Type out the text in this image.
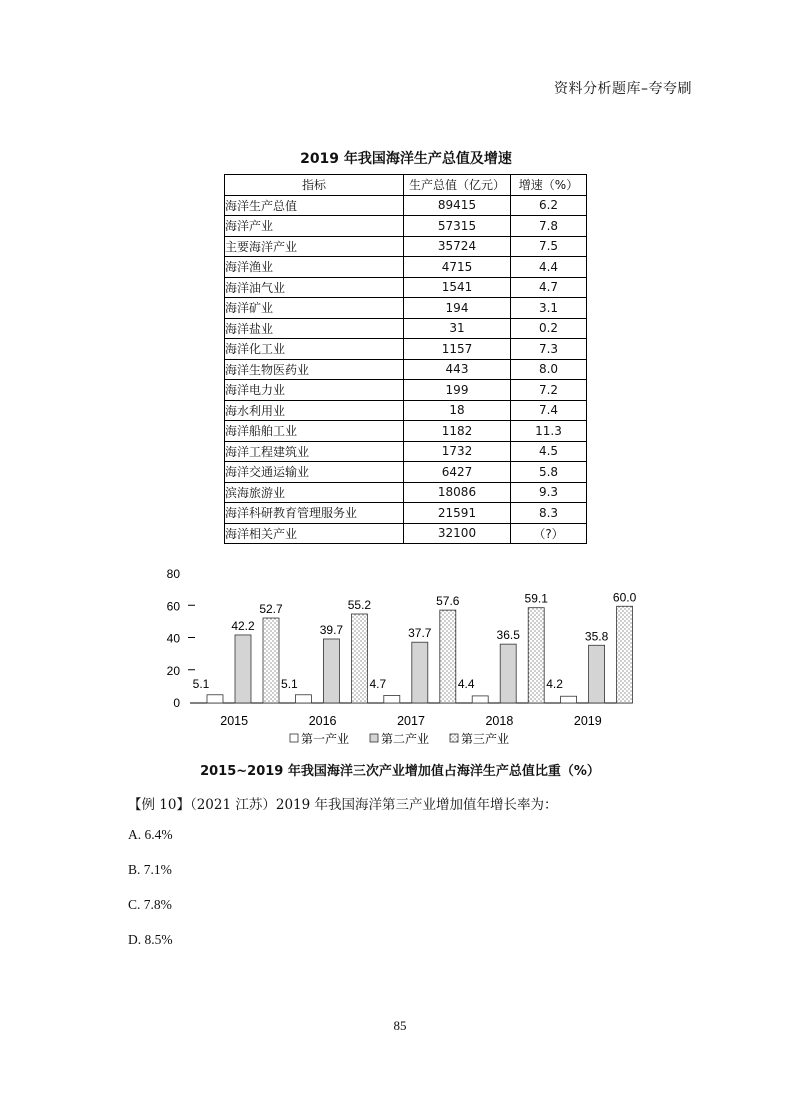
资料分析题库–夸夸刷
2019 年我国海洋生产总值及增速
指标	生产总值（亿元）	增速（%）
海洋生产总值	89415	6.2
海洋产业	57315	7.8
主要海洋产业	35724	7.5
海洋渔业	4715	4.4
海洋油气业	1541	4.7
海洋矿业	194	3.1
海洋盐业	31	0.2
海洋化工业	1157	7.3
海洋生物医药业	443	8.0
海洋电力业	199	7.2
海水利用业	18	7.4
海洋船舶工业	1182	11.3
海洋工程建筑业	1732	4.5
海洋交通运输业	6427	5.8
滨海旅游业	18086	9.3
海洋科研教育管理服务业	21591	8.3
海洋相关产业	32100	（?）
0
20
40
60
80
5.1
42.2
52.7
2015
5.1
39.7
55.2
2016
4.7
37.7
57.6
2017
4.4
36.5
59.1
2018
4.2
35.8
60.0
2019
第一产业	第二产业	第三产业
2015~2019 年我国海洋三次产业增加值占海洋生产总值比重（%）
【例 10】（2021 江苏）2019 年我国海洋第三产业增加值年增长率为：
A. 6.4%
B. 7.1%
C. 7.8%
D. 8.5%
85
